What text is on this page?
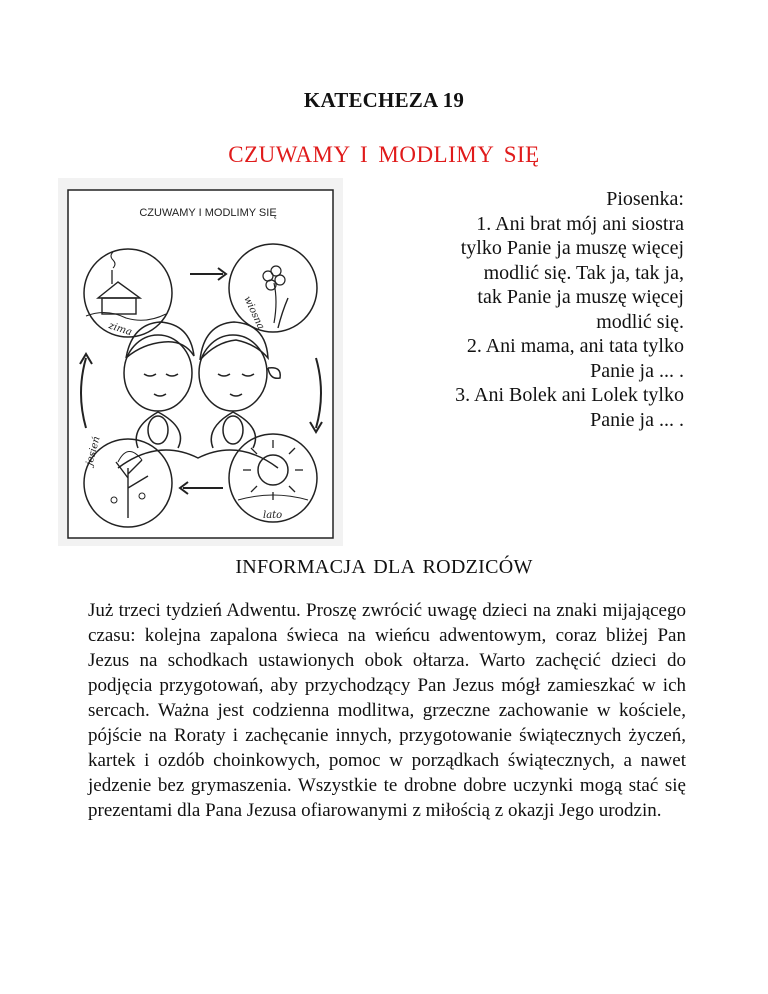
KATECHEZA 19
CZUWAMY I MODLIMY SIĘ
CZUWAMY I MODLIMY SIĘ
zima	wiosna
jesień
lato
Piosenka:
1. Ani brat mój ani siostra
tylko Panie ja muszę więcej
modlić się. Tak ja, tak ja,
tak Panie ja muszę więcej
modlić się.
2. Ani mama, ani tata tylko
Panie ja ... .
3. Ani Bolek ani Lolek tylko
Panie ja ... .
INFORMACJA DLA RODZICÓW
Już trzeci tydzień Adwentu. Proszę zwrócić uwagę dzieci na znaki mijającego czasu: kolejna zapalona świeca na wieńcu adwentowym, coraz bliżej Pan Jezus na schodkach ustawionych obok ołtarza. Warto zachęcić dzieci do podjęcia przygotowań, aby przychodzący Pan Jezus mógł zamieszkać w ich sercach. Ważna jest codzienna modlitwa, grzeczne zachowanie w kościele, pójście na Roraty i zachęcanie innych, przygotowanie świątecznych życzeń, kartek i ozdób choinkowych, pomoc w porządkach świątecznych, a nawet jedzenie bez grymaszenia. Wszystkie te drobne dobre uczynki mogą stać się prezentami dla Pana Jezusa ofiarowanymi z miłością z okazji Jego urodzin.
